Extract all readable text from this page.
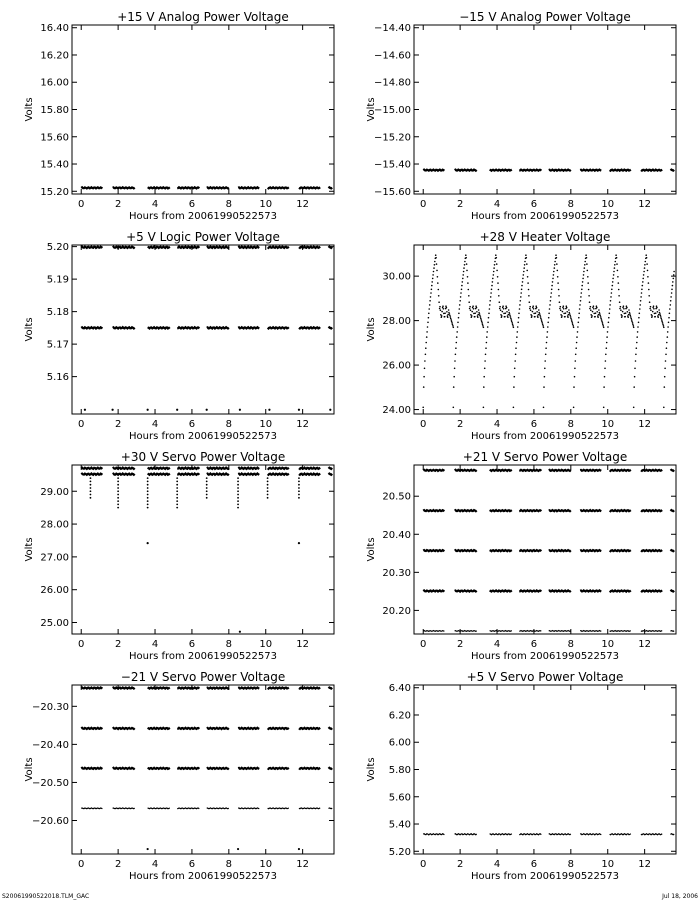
S20061990522018.TLM_GAC	Jul 18, 2006
+15 V Analog Power Voltage
0	2	4	6	8	10 12
15.20
15.40
15.60
15.80
16.00
16.20
16.40
Hours from 20061990522573
Volts
−15 V Analog Power Voltage
0	2	4	6	8	10 12
−15.60
−15.40
−15.20
−15.00
−14.80
−14.60
−14.40
Hours from 20061990522573
Volts
+5 V Logic Power Voltage
0	2	4	6	8	10 12
5.16
5.17
5.18
5.19
5.20
Hours from 20061990522573
Volts
+28 V Heater Voltage
0	2	4	6	8	10 12
24.00
26.00
28.00
30.00
Hours from 20061990522573
Volts
+30 V Servo Power Voltage
0	2	4	6	8	10 12
25.00
26.00
27.00
28.00
29.00
Hours from 20061990522573
Volts
+21 V Servo Power Voltage
0	2	4	6	8	10 12
20.20
20.30
20.40
20.50
Hours from 20061990522573
Volts
−21 V Servo Power Voltage
0	2	4	6	8	10 12
−20.60
−20.50
−20.40
−20.30
Hours from 20061990522573
Volts
+5 V Servo Power Voltage
0	2	4	6	8	10 12
5.20
5.40
5.60
5.80
6.00
6.20
6.40
Hours from 20061990522573
Volts
